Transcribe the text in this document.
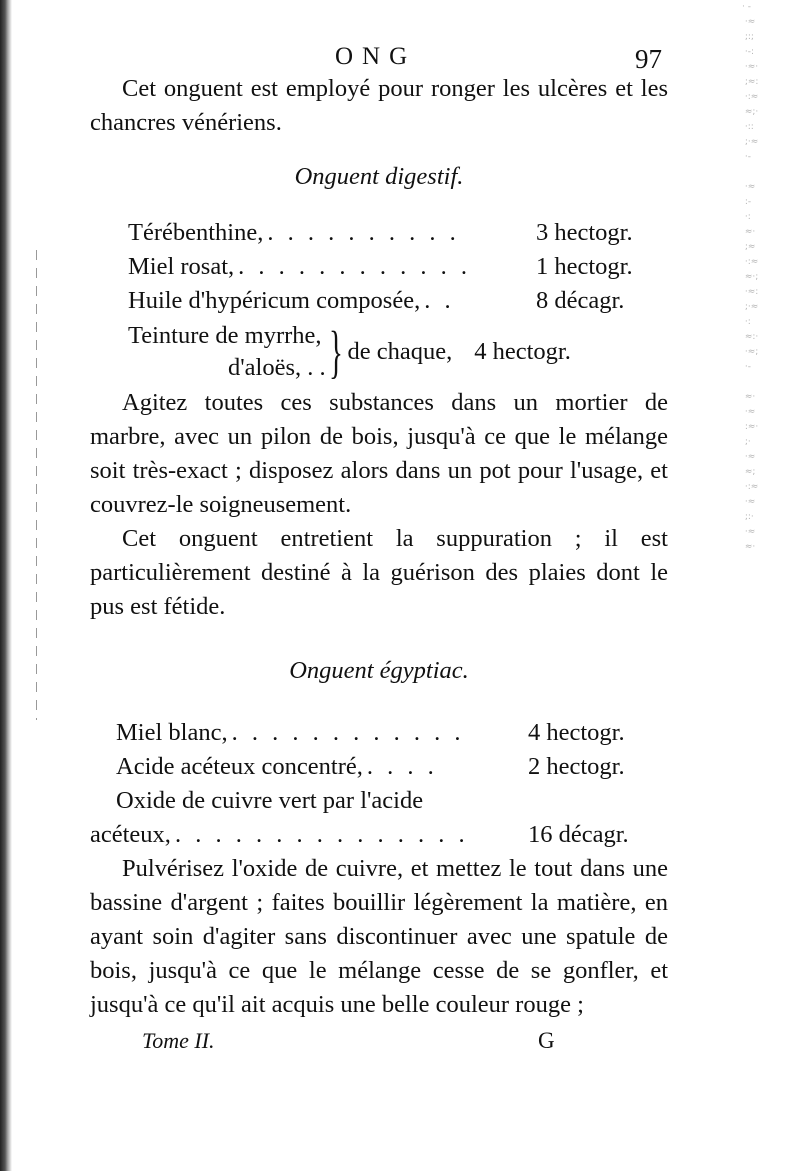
· -
·≈
;:;
·-:
·≈·
;≈:
·:≈
≈;·
·::
;·≈
·-

·≈
:-
·:
≈·
;≈
·:≈
≈·;
·≈:
;·≈
·:
≈:·
·≈;
·-

≈·
·≈
:≈·
;·
·≈
≈;
·:≈
·≈
;:·
·≈
≈·
ONG	97

Cet onguent est employé pour ronger les ulcères et les chancres vénériens.

Onguent digestif.

Térébenthine, . . . . . . . . . .	3 hectogr.
Miel rosat, . . . . . . . . . . . .	1 hectogr.
Huile d'hypéricum composée, . .	8 décagr.
Teinture de myrrhe,
d'aloës, . . } de chaque, 4 hectogr.

Agitez toutes ces substances dans un mortier de marbre, avec un pilon de bois, jusqu'à ce que le mélange soit très-exact ; disposez alors dans un pot pour l'usage, et couvrez-le soigneusement.

Cet onguent entretient la suppuration ; il est particulièrement destiné à la guérison des plaies dont le pus est fétide.

Onguent égyptiac.

Miel blanc, . . . . . . . . . . . .	4 hectogr.
Acide acéteux concentré, . . . .	2 hectogr.
Oxide de cuivre vert par l'acide
acéteux, . . . . . . . . . . . . . . .	16 décagr.

Pulvérisez l'oxide de cuivre, et mettez le tout dans une bassine d'argent ; faites bouillir légèrement la matière, en ayant soin d'agiter sans discontinuer avec une spatule de bois, jusqu'à ce que le mélange cesse de se gonfler, et jusqu'à ce qu'il ait acquis une belle couleur rouge ;

Tome II.	G
